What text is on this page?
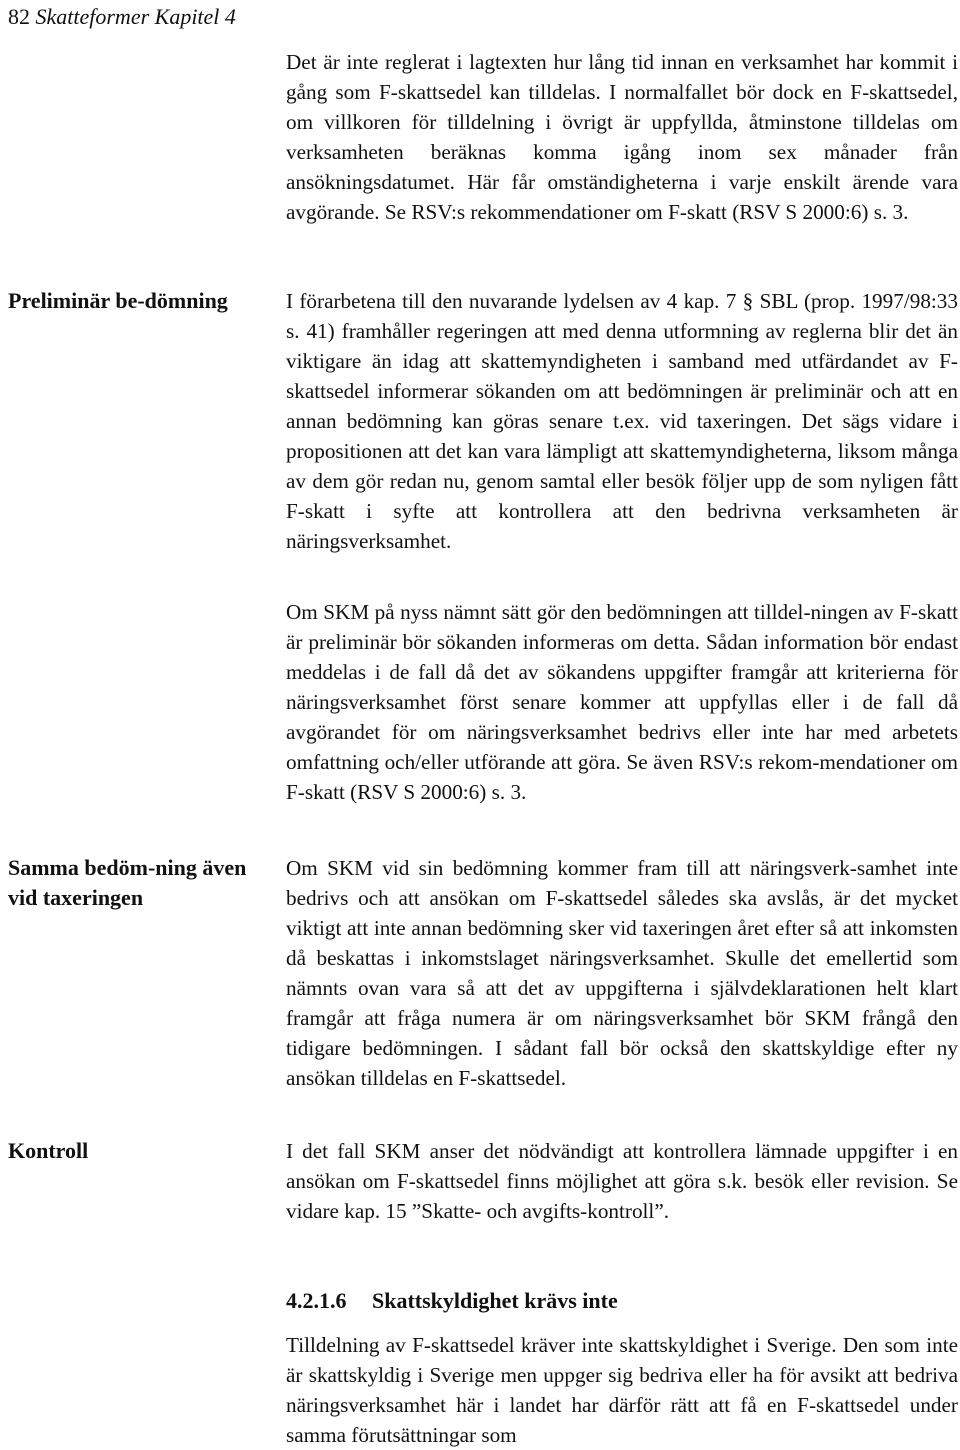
82 Skatteformer Kapitel 4
Preliminär be-dömning
Samma bedöm-ning även vid taxeringen
Kontroll

Det är inte reglerat i lagtexten hur lång tid innan en verksamhet har kommit i gång som F-skattsedel kan tilldelas. I normalfallet bör dock en F-skattsedel, om villkoren för tilldelning i övrigt är uppfyllda, åtminstone tilldelas om verksamheten beräknas komma igång inom sex månader från ansökningsdatumet. Här får omständigheterna i varje enskilt ärende vara avgörande. Se RSV:s rekommendationer om F-skatt (RSV S 2000:6) s. 3.

I förarbetena till den nuvarande lydelsen av 4 kap. 7 § SBL (prop. 1997/98:33 s. 41) framhåller regeringen att med denna utformning av reglerna blir det än viktigare än idag att skattemyndigheten i samband med utfärdandet av F-skattsedel informerar sökanden om att bedömningen är preliminär och att en annan bedömning kan göras senare t.ex. vid taxeringen. Det sägs vidare i propositionen att det kan vara lämpligt att skattemyndigheterna, liksom många av dem gör redan nu, genom samtal eller besök följer upp de som nyligen fått F-skatt i syfte att kontrollera att den bedrivna verksamheten är näringsverksamhet.

Om SKM på nyss nämnt sätt gör den bedömningen att tilldel-ningen av F-skatt är preliminär bör sökanden informeras om detta. Sådan information bör endast meddelas i de fall då det av sökandens uppgifter framgår att kriterierna för näringsverksamhet först senare kommer att uppfyllas eller i de fall då avgörandet för om näringsverksamhet bedrivs eller inte har med arbetets omfattning och/eller utförande att göra. Se även RSV:s rekom-mendationer om F-skatt (RSV S 2000:6) s. 3.

Om SKM vid sin bedömning kommer fram till att näringsverk-samhet inte bedrivs och att ansökan om F-skattsedel således ska avslås, är det mycket viktigt att inte annan bedömning sker vid taxeringen året efter så att inkomsten då beskattas i inkomstslaget näringsverksamhet. Skulle det emellertid som nämnts ovan vara så att det av uppgifterna i självdeklarationen helt klart framgår att fråga numera är om näringsverksamhet bör SKM frångå den tidigare bedömningen. I sådant fall bör också den skattskyldige efter ny ansökan tilldelas en F-skattsedel.

I det fall SKM anser det nödvändigt att kontrollera lämnade uppgifter i en ansökan om F-skattsedel finns möjlighet att göra s.k. besök eller revision. Se vidare kap. 15 ”Skatte- och avgifts-kontroll”.

4.2.1.6 Skattskyldighet krävs inte

Tilldelning av F-skattsedel kräver inte skattskyldighet i Sverige. Den som inte är skattskyldig i Sverige men uppger sig bedriva eller ha för avsikt att bedriva näringsverksamhet här i landet har därför rätt att få en F-skattsedel under samma förutsättningar som
